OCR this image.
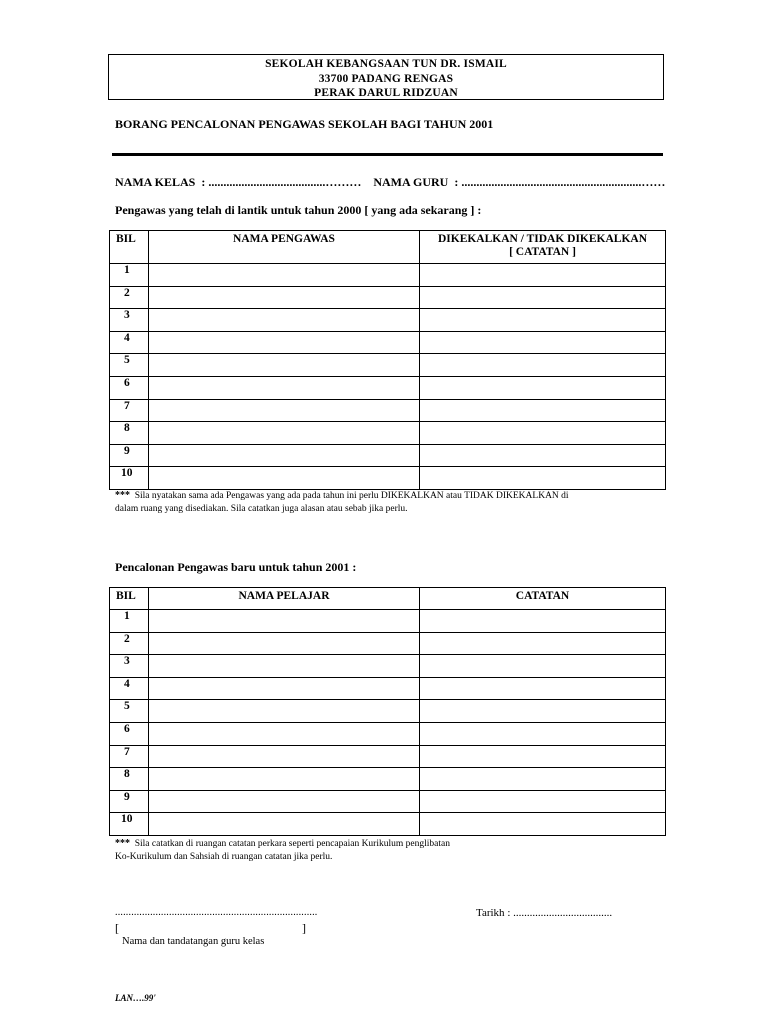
SEKOLAH KEBANGSAAN TUN DR. ISMAIL
33700 PADANG RENGAS
PERAK DARUL RIDZUAN
BORANG PENCALONAN PENGAWAS SEKOLAH BAGI TAHUN 2001
NAMA KELAS : .......................................……… NAMA GURU : ............................................................……
Pengawas yang telah di lantik untuk tahun 2000 [ yang ada sekarang ] :
BIL	NAMA PENGAWAS	DIKEKALKAN / TIDAK DIKEKALKAN
[ CATATAN ]

1		
2		
3		
4		
5		
6		
7		
8		
9		
10		
*** Sila nyatakan sama ada Pengawas yang ada pada tahun ini perlu DIKEKALKAN atau TIDAK DIKEKALKAN di
dalam ruang yang disediakan. Sila catatkan juga alasan atau sebab jika perlu.
Pencalonan Pengawas baru untuk tahun 2001 :
BIL	NAMA PELAJAR	CATATAN
1		
2		
3		
4		
5		
6		
7		
8		
9		
10		
*** Sila catatkan di ruangan catatan perkara seperti pencapaian Kurikulum penglibatan
Ko-Kurikulum dan Sahsiah di ruangan catatan jika perlu.
...........................................................................
[	]
Nama dan tandatangan guru kelas
Tarikh : ....................................
LAN….99'
